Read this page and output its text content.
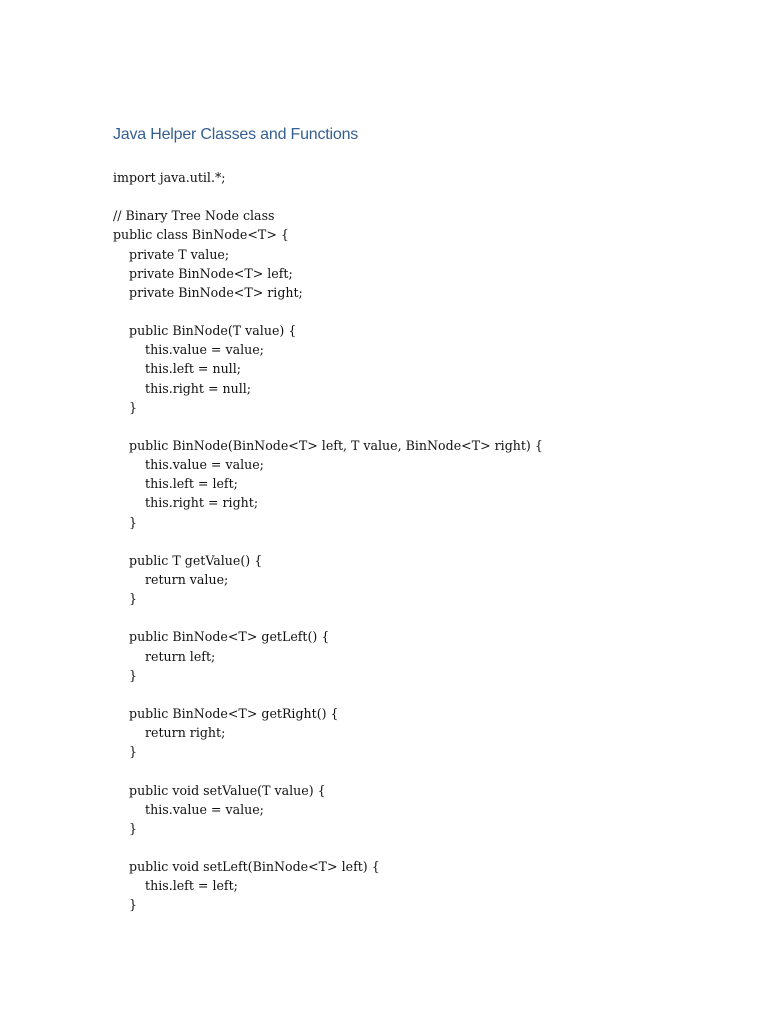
Java Helper Classes and Functions
import java.util.*;
// Binary Tree Node class
public class BinNode<T> {
private T value;
private BinNode<T> left;
private BinNode<T> right;
public BinNode(T value) {
this.value = value;
this.left = null;
this.right = null;
}
public BinNode(BinNode<T> left, T value, BinNode<T> right) {
this.value = value;
this.left = left;
this.right = right;
}
public T getValue() {
return value;
}
public BinNode<T> getLeft() {
return left;
}
public BinNode<T> getRight() {
return right;
}
public void setValue(T value) {
this.value = value;
}
public void setLeft(BinNode<T> left) {
this.left = left;
}
